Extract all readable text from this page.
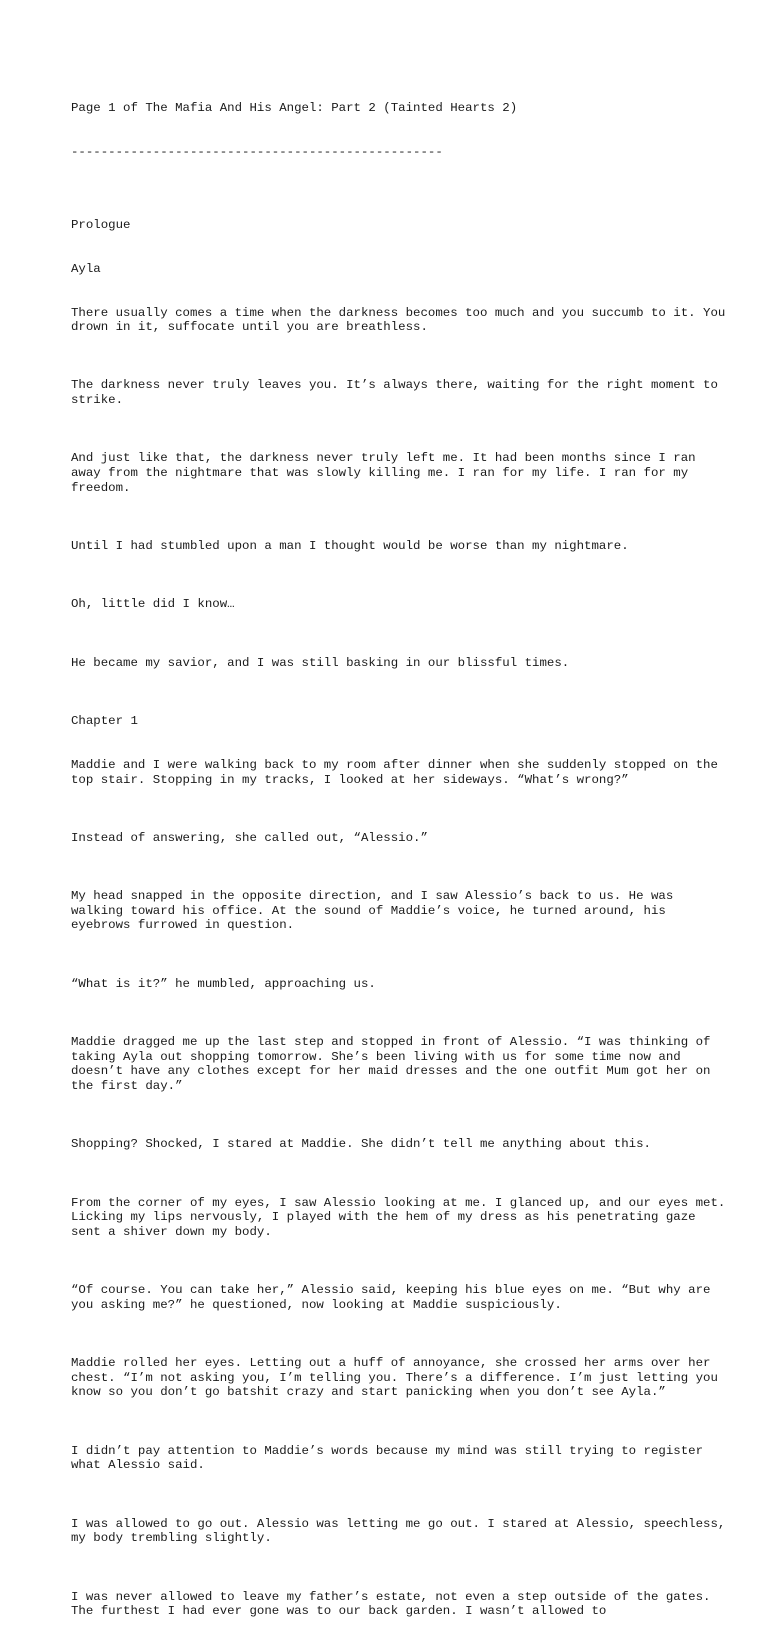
Page 1 of The Mafia And His Angel: Part 2 (Tainted Hearts 2)

--------------------------------------------------

Prologue

Ayla

There usually comes a time when the darkness becomes too much and you succumb to it. You drown in it, suffocate until you are breathless.

The darkness never truly leaves you. It’s always there, waiting for the right moment to strike.

And just like that, the darkness never truly left me. It had been months since I ran away from the nightmare that was slowly killing me. I ran for my life. I ran for my freedom.

Until I had stumbled upon a man I thought would be worse than my nightmare.

Oh, little did I know…

He became my savior, and I was still basking in our blissful times.

Chapter 1

Maddie and I were walking back to my room after dinner when she suddenly stopped on the top stair. Stopping in my tracks, I looked at her sideways. “What’s wrong?”

Instead of answering, she called out, “Alessio.”

My head snapped in the opposite direction, and I saw Alessio’s back to us. He was walking toward his office. At the sound of Maddie’s voice, he turned around, his eyebrows furrowed in question.

“What is it?” he mumbled, approaching us.

Maddie dragged me up the last step and stopped in front of Alessio. “I was thinking of taking Ayla out shopping tomorrow. She’s been living with us for some time now and doesn’t have any clothes except for her maid dresses and the one outfit Mum got her on the first day.”

Shopping? Shocked, I stared at Maddie. She didn’t tell me anything about this.

From the corner of my eyes, I saw Alessio looking at me. I glanced up, and our eyes met. Licking my lips nervously, I played with the hem of my dress as his penetrating gaze sent a shiver down my body.

“Of course. You can take her,” Alessio said, keeping his blue eyes on me. “But why are you asking me?” he questioned, now looking at Maddie suspiciously.

Maddie rolled her eyes. Letting out a huff of annoyance, she crossed her arms over her chest. “I’m not asking you, I’m telling you. There’s a difference. I’m just letting you know so you don’t go batshit crazy and start panicking when you don’t see Ayla.”

I didn’t pay attention to Maddie’s words because my mind was still trying to register what Alessio said.

I was allowed to go out. Alessio was letting me go out. I stared at Alessio, speechless, my body trembling slightly.

I was never allowed to leave my father’s estate, not even a step outside of the gates. The furthest I had ever gone was to our back garden. I wasn’t allowed to
